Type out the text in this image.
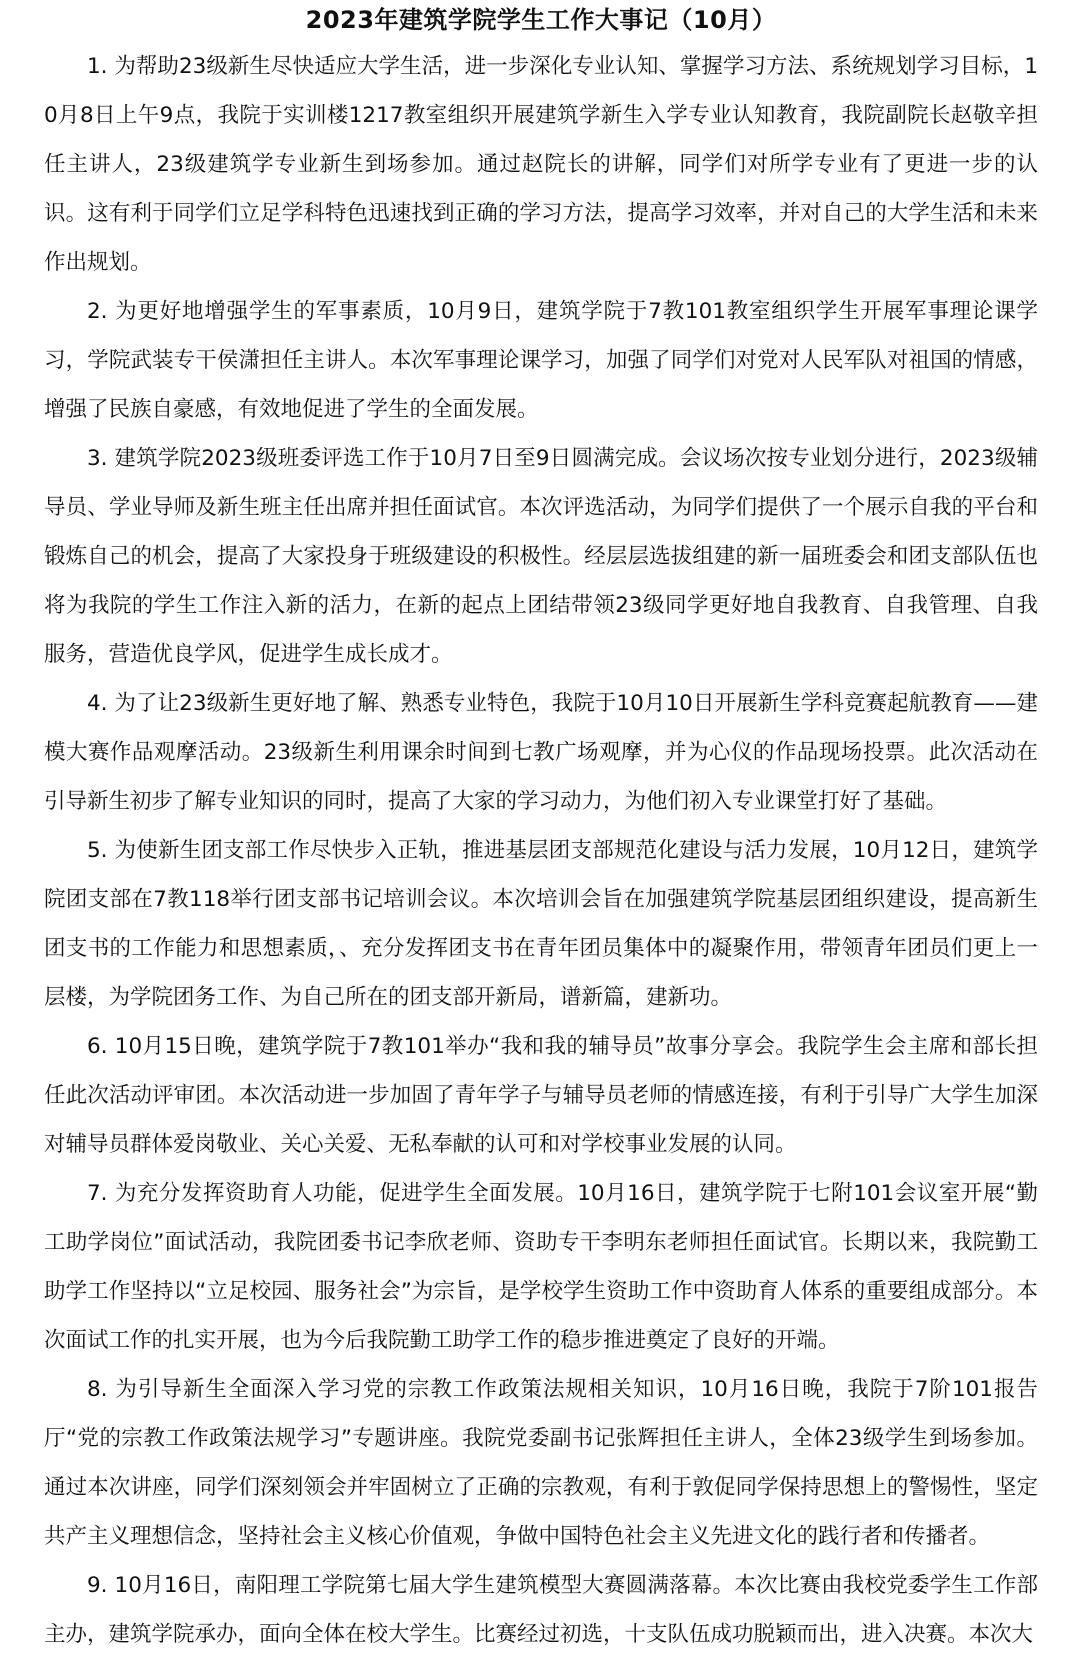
2023年建筑学院学生工作大事记（10月）

1. 为帮助23级新生尽快适应大学生活，进一步深化专业认知、掌握学习方法、系统规划学习目标，10月8日上午9点，我院于实训楼1217教室组织开展建筑学新生入学专业认知教育，我院副院长赵敬辛担任主讲人，23级建筑学专业新生到场参加。通过赵院长的讲解，同学们对所学专业有了更进一步的认识。这有利于同学们立足学科特色迅速找到正确的学习方法，提高学习效率，并对自己的大学生活和未来作出规划。

2. 为更好地增强学生的军事素质，10月9日，建筑学院于7教101教室组织学生开展军事理论课学习，学院武装专干侯潇担任主讲人。本次军事理论课学习，加强了同学们对党对人民军队对祖国的情感，增强了民族自豪感，有效地促进了学生的全面发展。

3. 建筑学院2023级班委评选工作于10月7日至9日圆满完成。会议场次按专业划分进行，2023级辅导员、学业导师及新生班主任出席并担任面试官。本次评选活动，为同学们提供了一个展示自我的平台和锻炼自己的机会，提高了大家投身于班级建设的积极性。经层层选拔组建的新一届班委会和团支部队伍也将为我院的学生工作注入新的活力，在新的起点上团结带领23级同学更好地自我教育、自我管理、自我服务，营造优良学风，促进学生成长成才。

4. 为了让23级新生更好地了解、熟悉专业特色，我院于10月10日开展新生学科竞赛起航教育——建模大赛作品观摩活动。23级新生利用课余时间到七教广场观摩，并为心仪的作品现场投票。此次活动在引导新生初步了解专业知识的同时，提高了大家的学习动力，为他们初入专业课堂打好了基础。

5. 为使新生团支部工作尽快步入正轨，推进基层团支部规范化建设与活力发展，10月12日，建筑学院团支部在7教118举行团支部书记培训会议。本次培训会旨在加强建筑学院基层团组织建设，提高新生团支书的工作能力和思想素质，、充分发挥团支书在青年团员集体中的凝聚作用，带领青年团员们更上一层楼，为学院团务工作、为自己所在的团支部开新局，谱新篇，建新功。

6. 10月15日晚，建筑学院于7教101举办“我和我的辅导员”故事分享会。我院学生会主席和部长担任此次活动评审团。本次活动进一步加固了青年学子与辅导员老师的情感连接，有利于引导广大学生加深对辅导员群体爱岗敬业、关心关爱、无私奉献的认可和对学校事业发展的认同。

7. 为充分发挥资助育人功能，促进学生全面发展。10月16日，建筑学院于七附101会议室开展“勤工助学岗位”面试活动，我院团委书记李欣老师、资助专干李明东老师担任面试官。长期以来，我院勤工助学工作坚持以“立足校园、服务社会”为宗旨，是学校学生资助工作中资助育人体系的重要组成部分。本次面试工作的扎实开展，也为今后我院勤工助学工作的稳步推进奠定了良好的开端。

8. 为引导新生全面深入学习党的宗教工作政策法规相关知识，10月16日晚，我院于7阶101报告厅“党的宗教工作政策法规学习”专题讲座。我院党委副书记张辉担任主讲人，全体23级学生到场参加。通过本次讲座，同学们深刻领会并牢固树立了正确的宗教观，有利于敦促同学保持思想上的警惕性，坚定共产主义理想信念，坚持社会主义核心价值观，争做中国特色社会主义先进文化的践行者和传播者。

9. 10月16日，南阳理工学院第七届大学生建筑模型大赛圆满落幕。本次比赛由我校党委学生工作部主办，建筑学院承办，面向全体在校大学生。比赛经过初选，十支队伍成功脱颖而出，进入决赛。本次大
